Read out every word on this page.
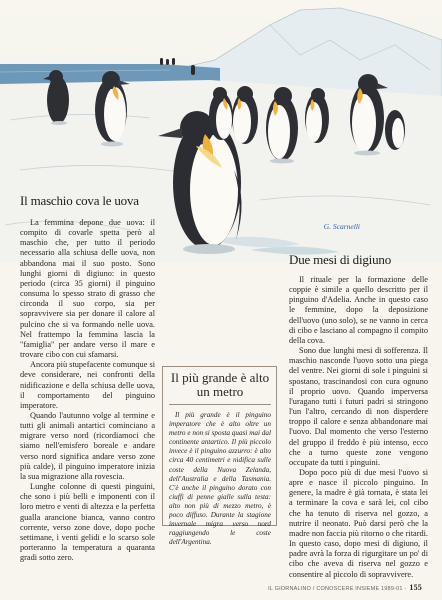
G. Scarnelli
Il maschio cova le uova

La femmina depone due uova: il compito di covarle spetta però al maschio che, per tutto il periodo necessario alla schiusa delle uova, non abbandona mai il suo posto. Sono lunghi giorni di digiuno: in questo periodo (circa 35 giorni) il pinguino consuma lo spesso strato di grasso che circonda il suo corpo, sia per sopravvivere sia per donare il calore al pulcino che si va formando nelle uova. Nel frattempo la femmina lascia la "famiglia" per andare verso il mare e trovare cibo con cui sfamarsi.

Ancora più stupefacente comunque si deve considerare, nei confronti della nidificazione e della schiusa delle uova, il comportamento del pinguino imperatore.

Quando l'autunno volge al termine e tutti gli animali antartici cominciano a migrare verso nord (ricordiamoci che siamo nell'emisfero boreale e andare verso nord significa andare verso zone più calde), il pinguino imperatore inizia la sua migrazione alla rovescia.

Lunghe colonne di questi pinguini, che sono i più belli e imponenti con il loro metro e venti di altezza e la perfetta gualla arancione bianca, vanno contro corrente, verso zone dove, dopo poche settimane, i venti gelidi e lo scarso sole porteranno la temperatura a quaranta gradi sotto zero.

Il più grande è alto un metro

Il più grande è il pinguino imperatore che è alto oltre un metro e non si sposta quasi mai dal continente antartico. Il più piccolo invece è il pinguino azzurro: è alto circa 40 centimetri e nidifica sulle coste della Nuova Zelanda, dell'Australia e della Tasmania. C'è anche il pinguino dorato con ciuffi di penne gialle sulla testa: alto non più di mezzo metro, è poco diffuso. Durante la stagione invernale migra verso nord raggiungendo le coste dell'Argentina.

Due mesi di digiuno

Il rituale per la formazione delle coppie è simile a quello descritto per il pinguino d'Adelia. Anche in questo caso le femmine, dopo la deposizione dell'uovo (uno solo), se ne vanno in cerca di cibo e lasciano al compagno il compito della cova.

Sono due lunghi mesi di sofferenza. Il maschio nasconde l'uovo sotto una piega del ventre. Nei giorni di sole i pinguini si spostano, trascinandosi con cura ognuno il proprio uovo. Quando imperversa l'uragano tutti i futuri padri si stringono l'un l'altro, cercando di non disperdere troppo il calore e senza abbandonare mai l'uovo. Dal momento che verso l'esterno del gruppo il freddo è più intenso, ecco che a turno queste zone vengono occupate da tutti i pinguini.

Dopo poco più di due mesi l'uovo si apre e nasce il piccolo pinguino. In genere, la madre è già tornata, è stata lei a terminare la cova e sarà lei, col cibo che ha tenuto di riserva nel gozzo, a nutrire il neonato. Può darsi però che la madre non faccia più ritorno o che ritardi. In questo caso, dopo mesi di digiuno, il padre avrà la forza di rigurgitare un po' di cibo che aveva di riserva nel gozzo e consentire al piccolo di sopravvivere.

IL GIORNALINO / CONOSCERE INSIEME 1989-01 - 155
